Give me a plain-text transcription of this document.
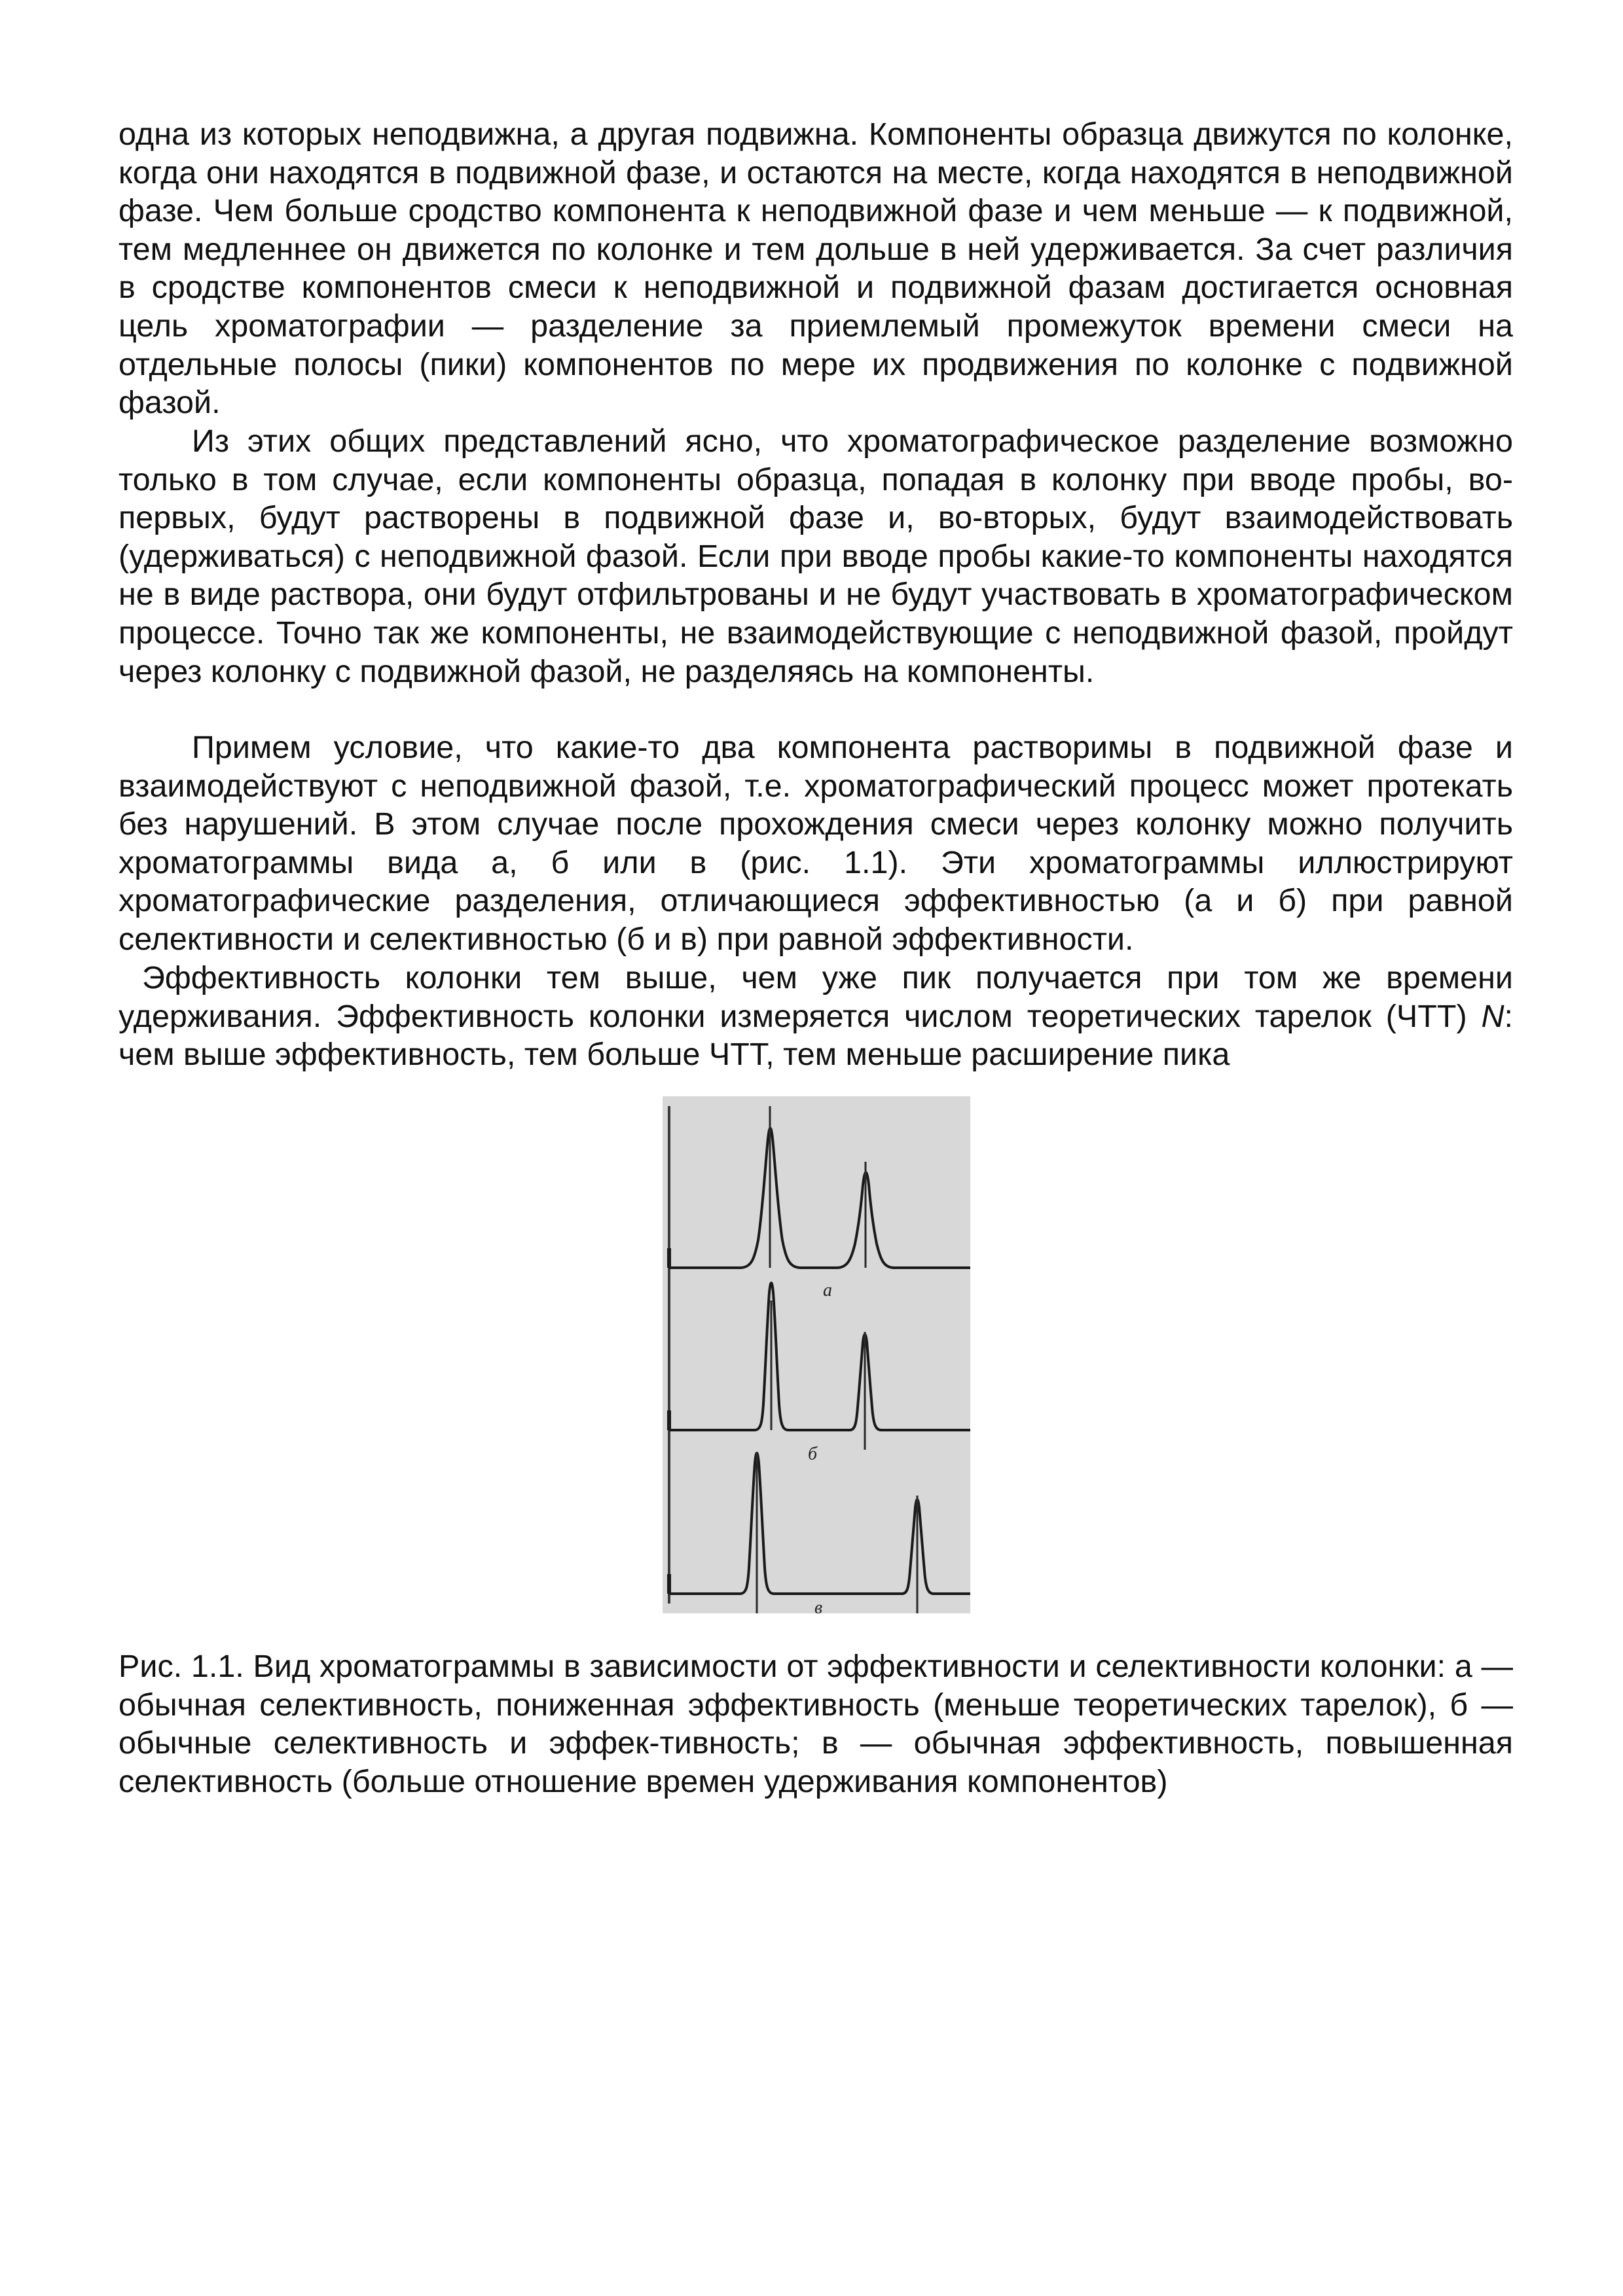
одна из которых неподвижна, а другая подвижна. Компоненты образца движутся по колонке, когда они находятся в подвижной фазе, и остаются на месте, когда находятся в неподвижной фазе. Чем больше сродство компонента к неподвижной фазе и чем меньше — к подвижной, тем медленнее он движется по колонке и тем дольше в ней удерживается. За счет различия в сродстве компонентов смеси к неподвижной и подвижной фазам достигается основная цель хроматографии — разделение за приемлемый промежуток времени смеси на отдельные полосы (пики) компонентов по мере их продвижения по колонке с подвижной фазой.

Из этих общих представлений ясно, что хроматографическое разделение возможно только в том случае, если компоненты образца, попадая в колонку при вводе пробы, во-первых, будут растворены в подвижной фазе и, во-вторых, будут взаимодействовать (удерживаться) с неподвижной фазой. Если при вводе пробы какие-то компоненты находятся не в виде раствора, они будут отфильтрованы и не будут участвовать в хроматографическом процессе. Точно так же компоненты, не взаимодействующие с неподвижной фазой, пройдут через колонку с подвижной фазой, не разделяясь на компоненты.

Примем условие, что какие-то два компонента растворимы в подвижной фазе и взаимодействуют с неподвижной фазой, т.е. хроматографический процесс может протекать без нарушений. В этом случае после прохождения смеси через колонку можно получить хроматограммы вида а, б или в (рис. 1.1). Эти хроматограммы иллюстрируют хроматографические разделения, отличающиеся эффективностью (а и б) при равной селективности и селективностью (б и в) при равной эффективности.

Эффективность колонки тем выше, чем уже пик получается при том же времени удерживания. Эффективность колонки измеряется числом теоретических тарелок (ЧТТ) N: чем выше эффективность, тем больше ЧТТ, тем меньше расширение пика

а
б
в

Рис. 1.1. Вид хроматограммы в зависимости от эффективности и селективности колонки: а — обычная селективность, пониженная эффективность (меньше теоретических тарелок), б — обычные селективность и эффек-тивность; в — обычная эффективность, повышенная селективность (больше отношение времен удерживания компонентов)
